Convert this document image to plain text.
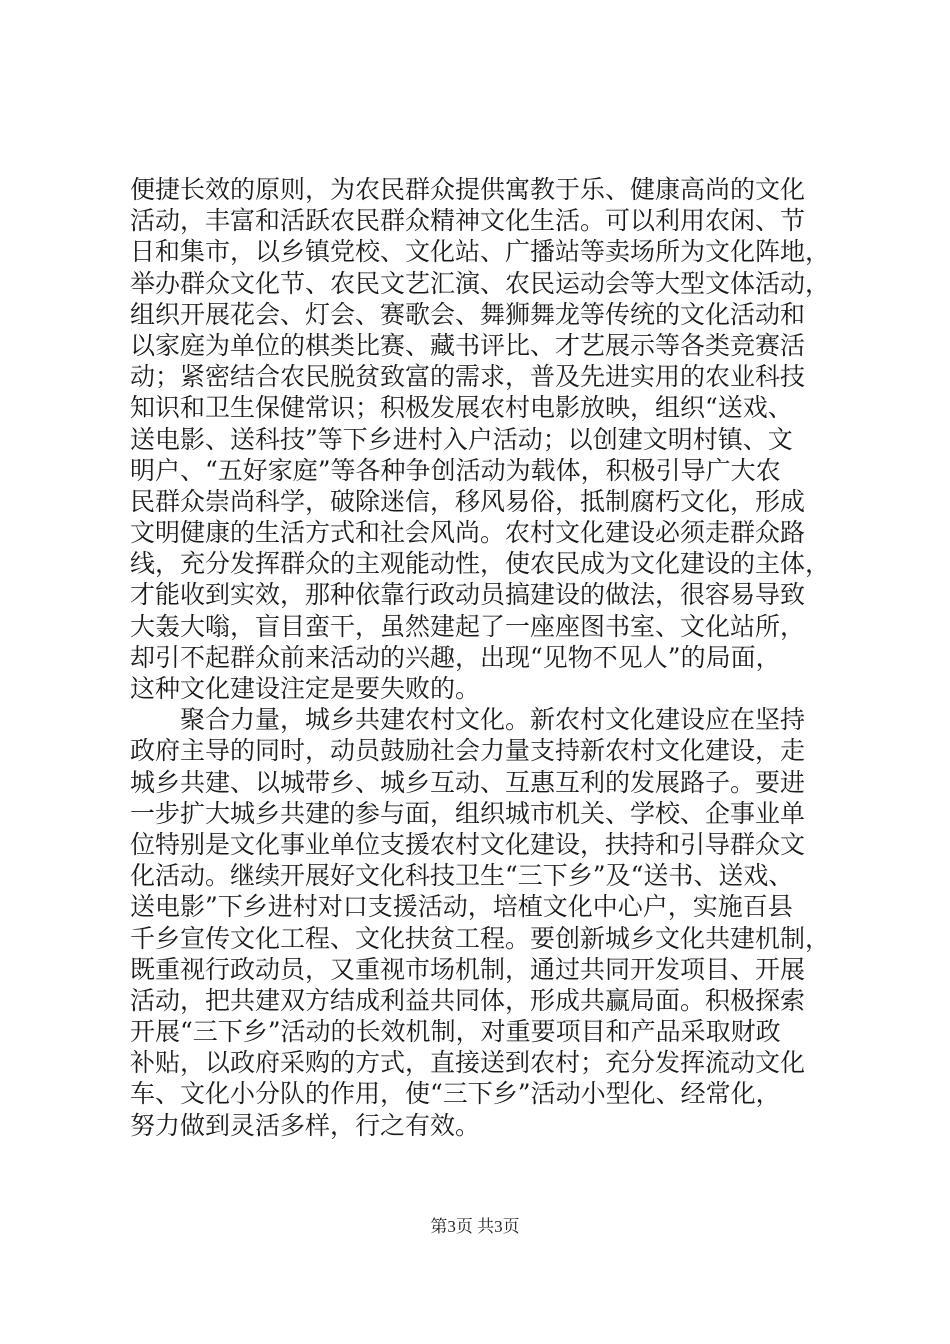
便捷长效的原则，为农民群众提供寓教于乐、健康高尚的文化
活动，丰富和活跃农民群众精神文化生活。可以利用农闲、节
日和集市，以乡镇党校、文化站、广播站等卖场所为文化阵地，
举办群众文化节、农民文艺汇演、农民运动会等大型文体活动，
组织开展花会、灯会、赛歌会、舞狮舞龙等传统的文化活动和
以家庭为单位的棋类比赛、藏书评比、才艺展示等各类竞赛活
动；紧密结合农民脱贫致富的需求，普及先进实用的农业科技
知识和卫生保健常识；积极发展农村电影放映，组织“送戏、
送电影、送科技”等下乡进村入户活动；以创建文明村镇、文
明户、“五好家庭”等各种争创活动为载体，积极引导广大农
民群众崇尚科学，破除迷信，移风易俗，抵制腐朽文化，形成
文明健康的生活方式和社会风尚。农村文化建设必须走群众路
线，充分发挥群众的主观能动性，使农民成为文化建设的主体，
才能收到实效，那种依靠行政动员搞建设的做法，很容易导致
大轰大嗡，盲目蛮干，虽然建起了一座座图书室、文化站所，
却引不起群众前来活动的兴趣，出现“见物不见人”的局面，
这种文化建设注定是要失败的。
聚合力量，城乡共建农村文化。新农村文化建设应在坚持
政府主导的同时，动员鼓励社会力量支持新农村文化建设，走
城乡共建、以城带乡、城乡互动、互惠互利的发展路子。要进
一步扩大城乡共建的参与面，组织城市机关、学校、企事业单
位特别是文化事业单位支援农村文化建设，扶持和引导群众文
化活动。继续开展好文化科技卫生“三下乡”及“送书、送戏、
送电影”下乡进村对口支援活动，培植文化中心户，实施百县
千乡宣传文化工程、文化扶贫工程。要创新城乡文化共建机制，
既重视行政动员，又重视市场机制，通过共同开发项目、开展
活动，把共建双方结成利益共同体，形成共赢局面。积极探索
开展“三下乡”活动的长效机制，对重要项目和产品采取财政
补贴，以政府采购的方式，直接送到农村；充分发挥流动文化
车、文化小分队的作用，使“三下乡”活动小型化、经常化，
努力做到灵活多样，行之有效。
第3页 共3页
